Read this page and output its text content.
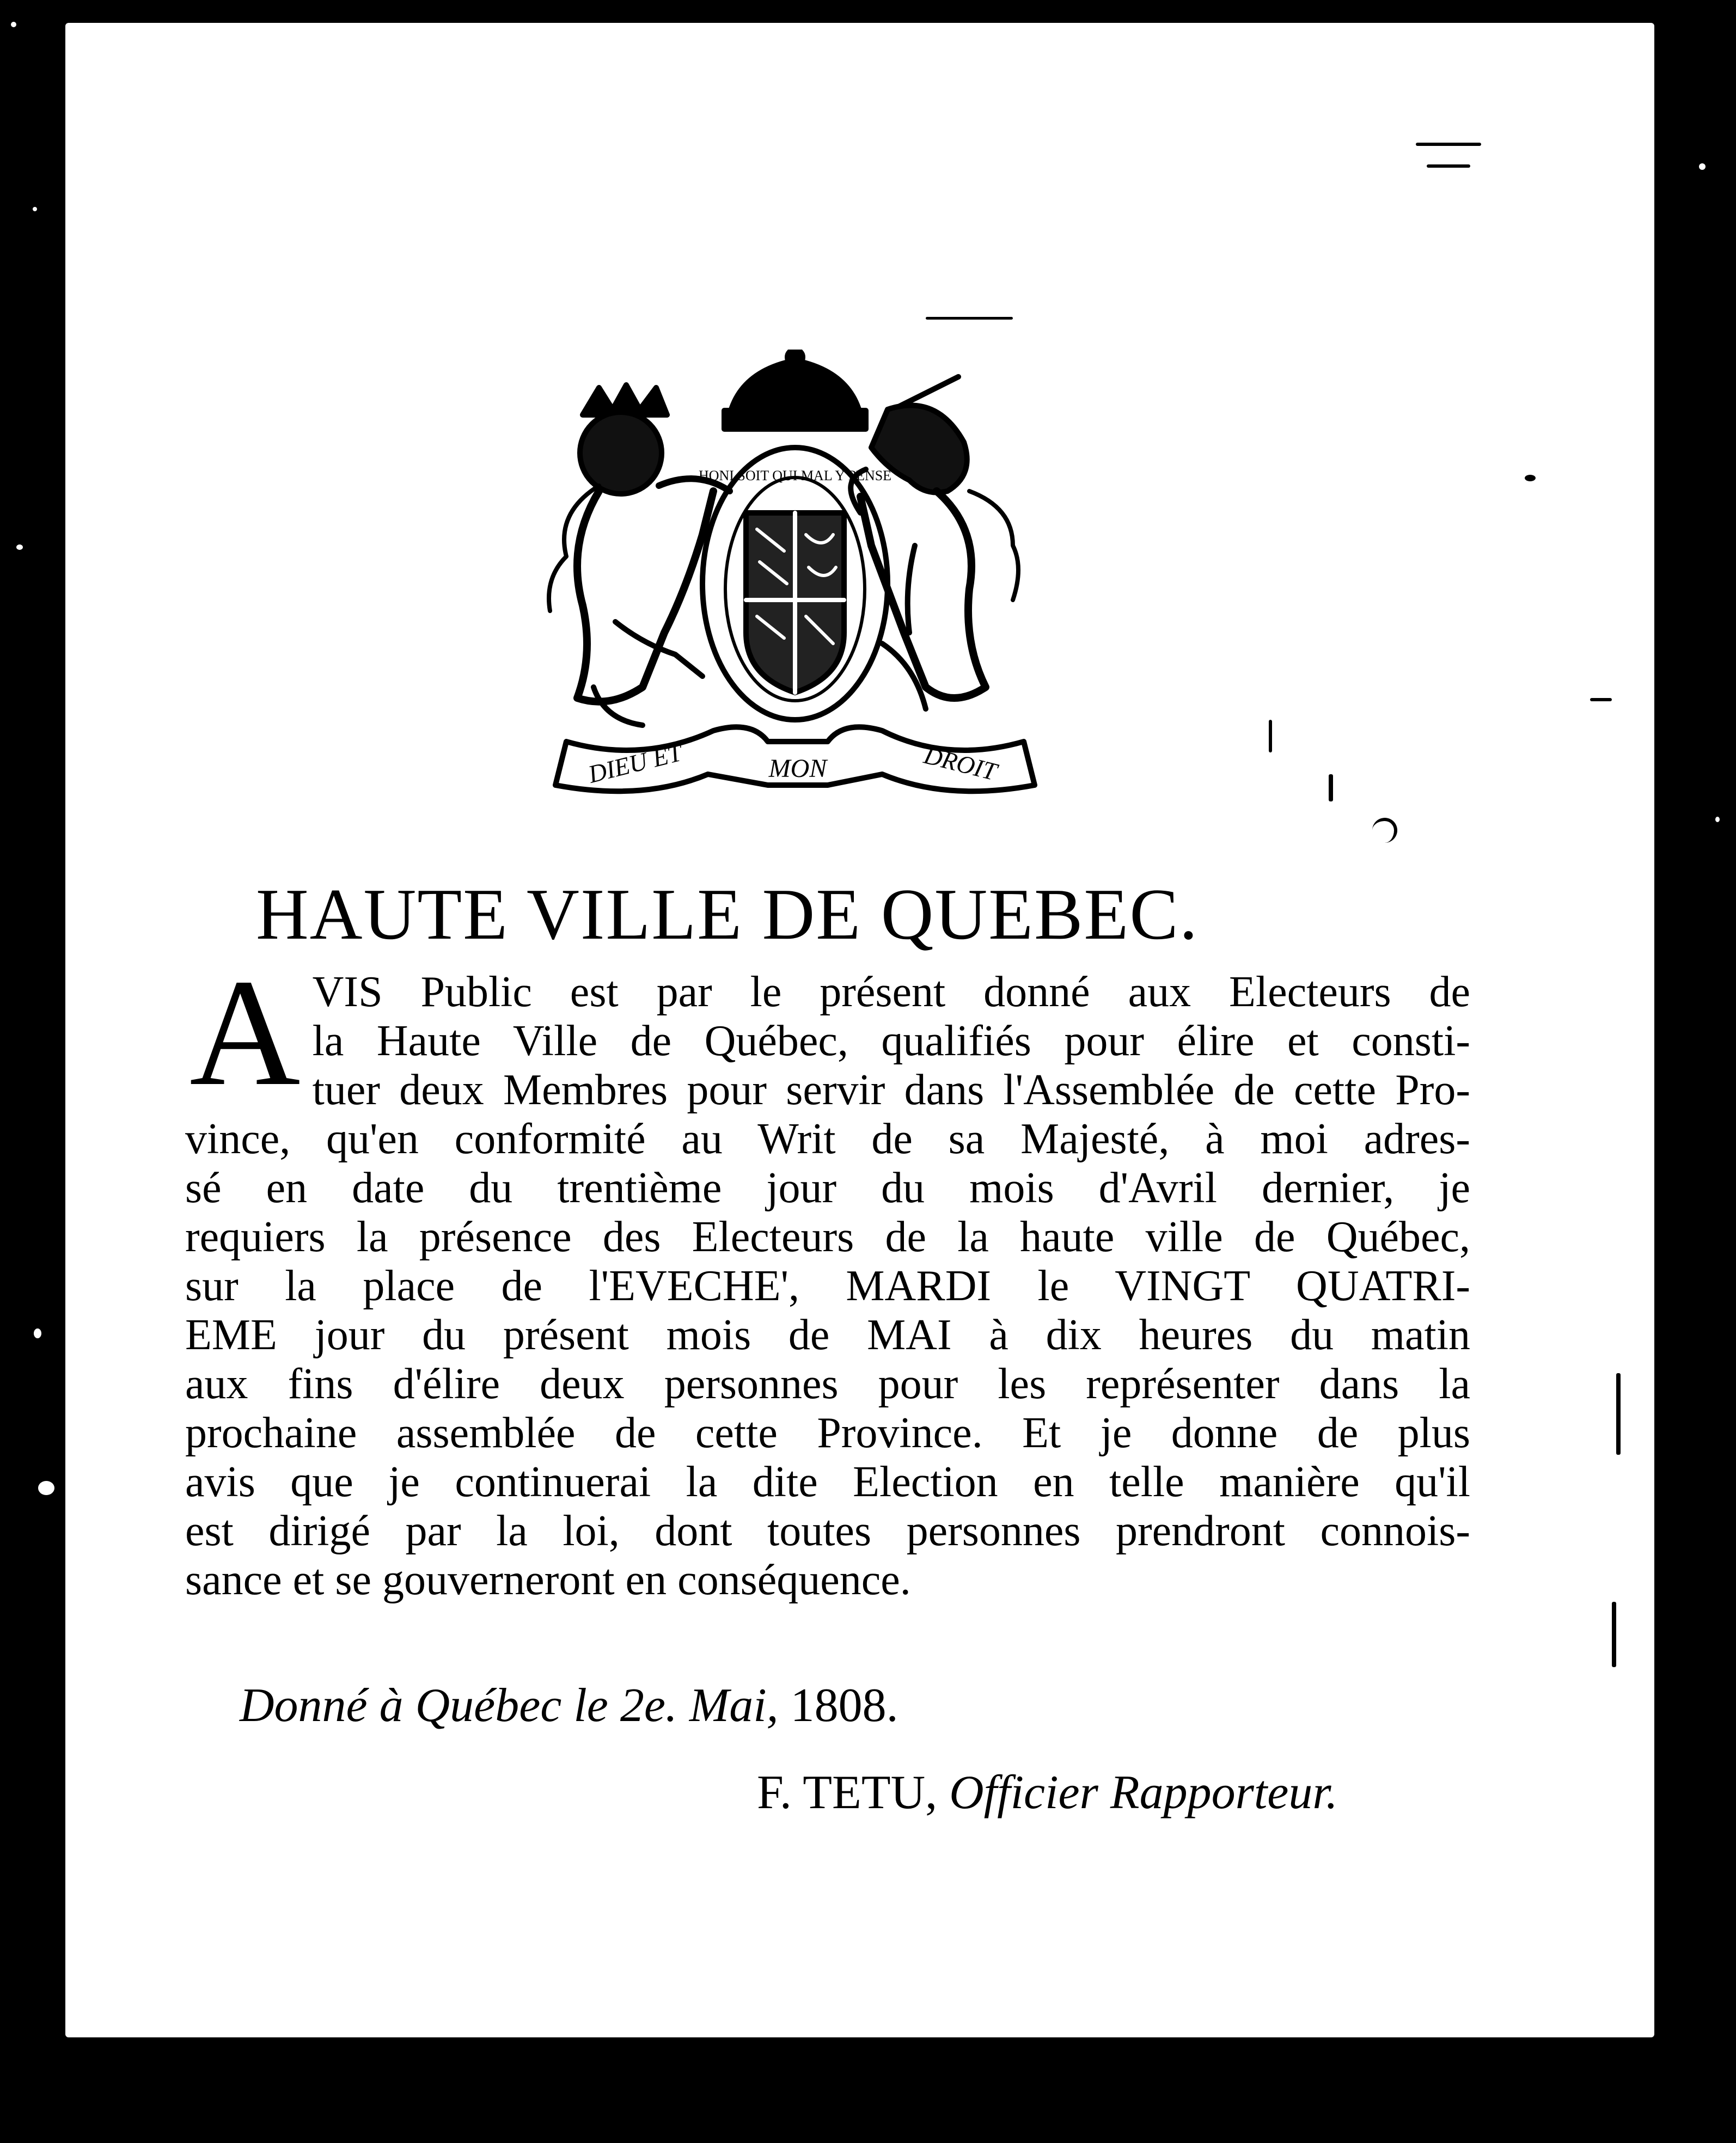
DIEU ET	MON	DROIT
HONI SOIT QUI MAL Y PENSE
HAUTE VILLE DE QUEBEC.
A VIS Public est par le présent donné aux Electeurs de
la Haute Ville de Québec, qualifiés pour élire et consti-
tuer deux Membres pour servir dans l'Assemblée de cette Pro-
vince, qu'en conformité au Writ de sa Majesté, à moi adres-
sé en date du trentième jour du mois d'Avril dernier, je
requiers la présence des Electeurs de la haute ville de Québec,
sur la place de l'EVECHE', MARDI le VINGT QUATRI-
EME jour du présent mois de MAI à dix heures du matin
aux fins d'élire deux personnes pour les représenter dans la
prochaine assemblée de cette Province. Et je donne de plus
avis que je continuerai la dite Election en telle manière qu'il
est dirigé par la loi, dont toutes personnes prendront connois-
sance et se gouverneront en conséquence.
Donné à Québec le 2e. Mai, 1808.
F. TETU, Officier Rapporteur.
